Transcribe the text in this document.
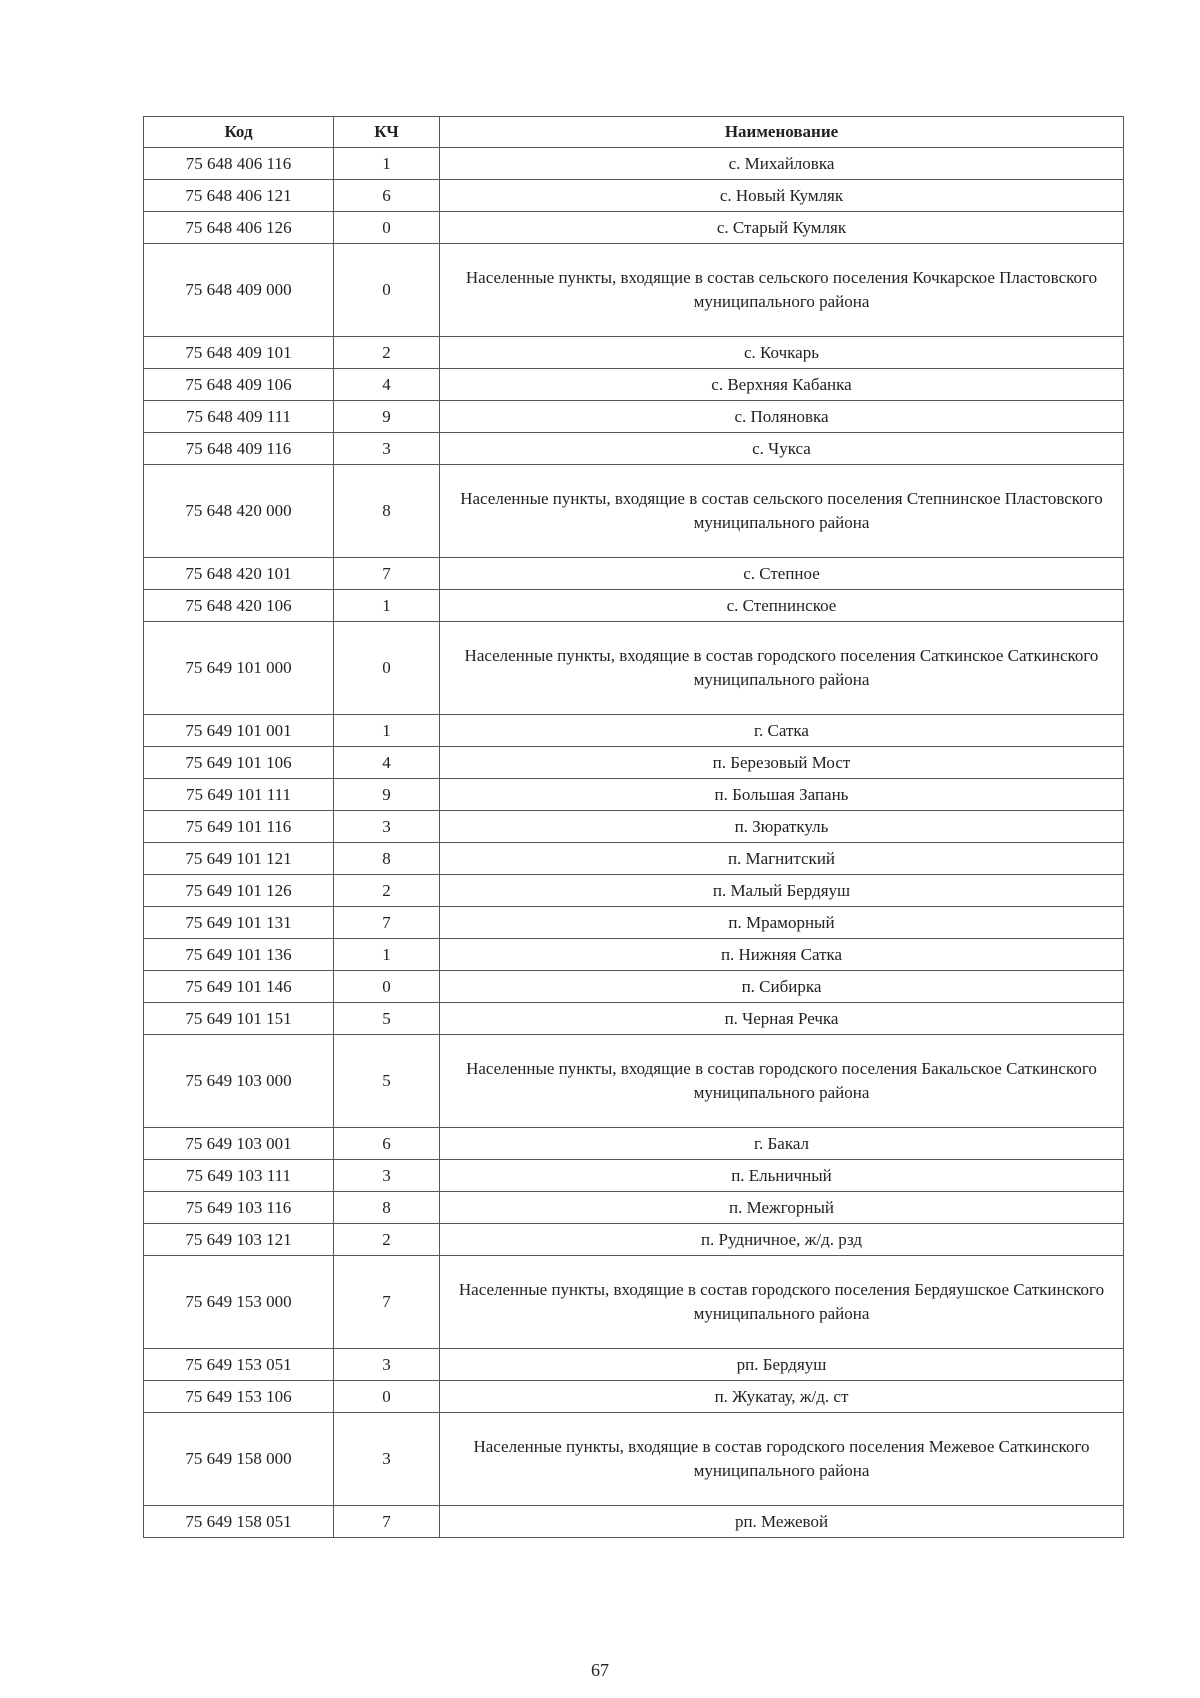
Код	КЧ	Наименование
75 648 406 116	1	с. Михайловка
75 648 406 121	6	с. Новый Кумляк
75 648 406 126	0	с. Старый Кумляк
75 648 409 000	0	Населенные пункты, входящие в состав сельского поселения Кочкарское Пластовского муниципального района
75 648 409 101	2	с. Кочкарь
75 648 409 106	4	с. Верхняя Кабанка
75 648 409 111	9	с. Поляновка
75 648 409 116	3	с. Чукса
75 648 420 000	8	Населенные пункты, входящие в состав сельского поселения Степнинское Пластовского муниципального района
75 648 420 101	7	с. Степное
75 648 420 106	1	с. Степнинское
75 649 101 000	0	Населенные пункты, входящие в состав городского поселения Саткинское Саткинского муниципального района
75 649 101 001	1	г. Сатка
75 649 101 106	4	п. Березовый Мост
75 649 101 111	9	п. Большая Запань
75 649 101 116	3	п. Зюраткуль
75 649 101 121	8	п. Магнитский
75 649 101 126	2	п. Малый Бердяуш
75 649 101 131	7	п. Мраморный
75 649 101 136	1	п. Нижняя Сатка
75 649 101 146	0	п. Сибирка
75 649 101 151	5	п. Черная Речка
75 649 103 000	5	Населенные пункты, входящие в состав городского поселения Бакальское Саткинского муниципального района
75 649 103 001	6	г. Бакал
75 649 103 111	3	п. Ельничный
75 649 103 116	8	п. Межгорный
75 649 103 121	2	п. Рудничное, ж/д. рзд
75 649 153 000	7	Населенные пункты, входящие в состав городского поселения Бердяушское Саткинского муниципального района
75 649 153 051	3	рп. Бердяуш
75 649 153 106	0	п. Жукатау, ж/д. ст
75 649 158 000	3	Населенные пункты, входящие в состав городского поселения Межевое Саткинского муниципального района
75 649 158 051	7	рп. Межевой
67
